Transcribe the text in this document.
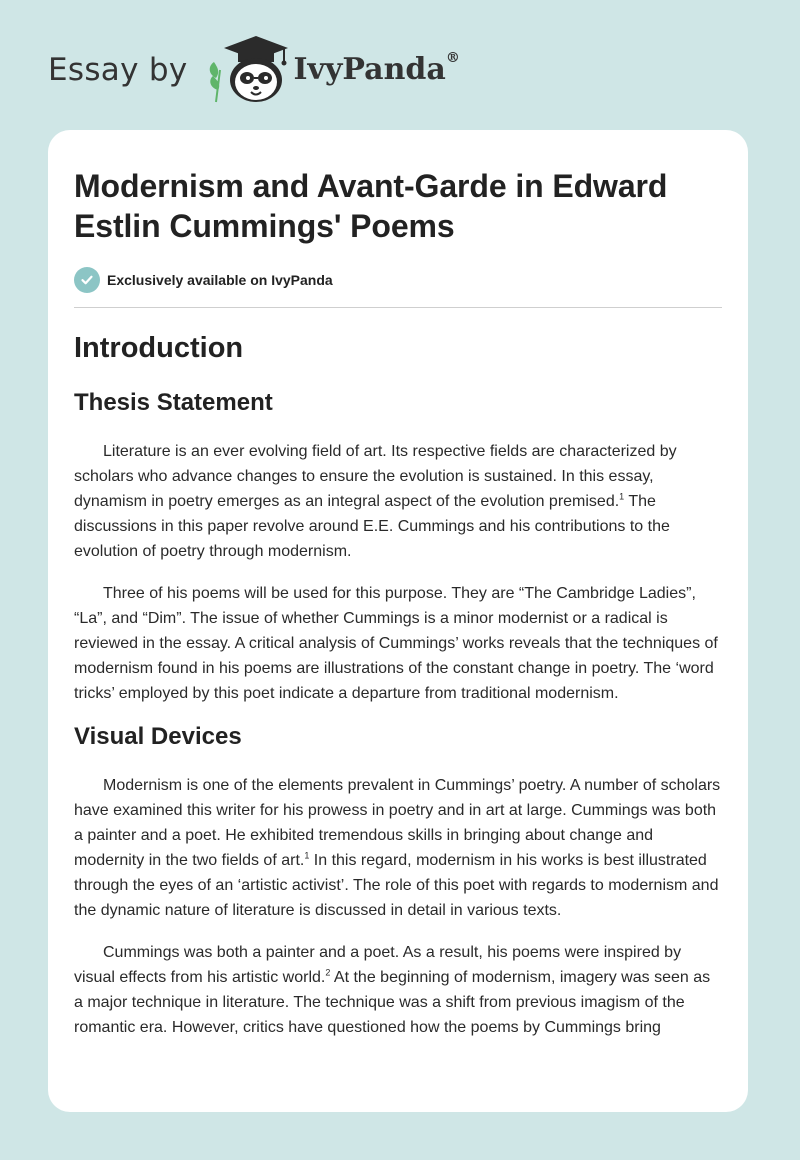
Essay by	IvyPanda®
Modernism and Avant-Garde in Edward Estlin Cummings' Poems
Exclusively available on IvyPanda
Introduction
Thesis Statement

Literature is an ever evolving field of art. Its respective fields are characterized by scholars who advance changes to ensure the evolution is sustained. In this essay, dynamism in poetry emerges as an integral aspect of the evolution premised.$^1$ The discussions in this paper revolve around E.E. Cummings and his contributions to the evolution of poetry through modernism.

Three of his poems will be used for this purpose. They are “The Cambridge Ladies”, “La”, and “Dim”. The issue of whether Cummings is a minor modernist or a radical is reviewed in the essay. A critical analysis of Cummings’ works reveals that the techniques of modernism found in his poems are illustrations of the constant change in poetry. The ‘word tricks’ employed by this poet indicate a departure from traditional modernism.

Visual Devices

Modernism is one of the elements prevalent in Cummings’ poetry. A number of scholars have examined this writer for his prowess in poetry and in art at large. Cummings was both a painter and a poet. He exhibited tremendous skills in bringing about change and modernity in the two fields of art.$^1$ In this regard, modernism in his works is best illustrated through the eyes of an ‘artistic activist’. The role of this poet with regards to modernism and the dynamic nature of literature is discussed in detail in various texts.

Cummings was both a painter and a poet. As a result, his poems were inspired by visual effects from his artistic world.$^2$ At the beginning of modernism, imagery was seen as a major technique in literature. The technique was a shift from previous imagism of the romantic era. However, critics have questioned how the poems by Cummings bring
